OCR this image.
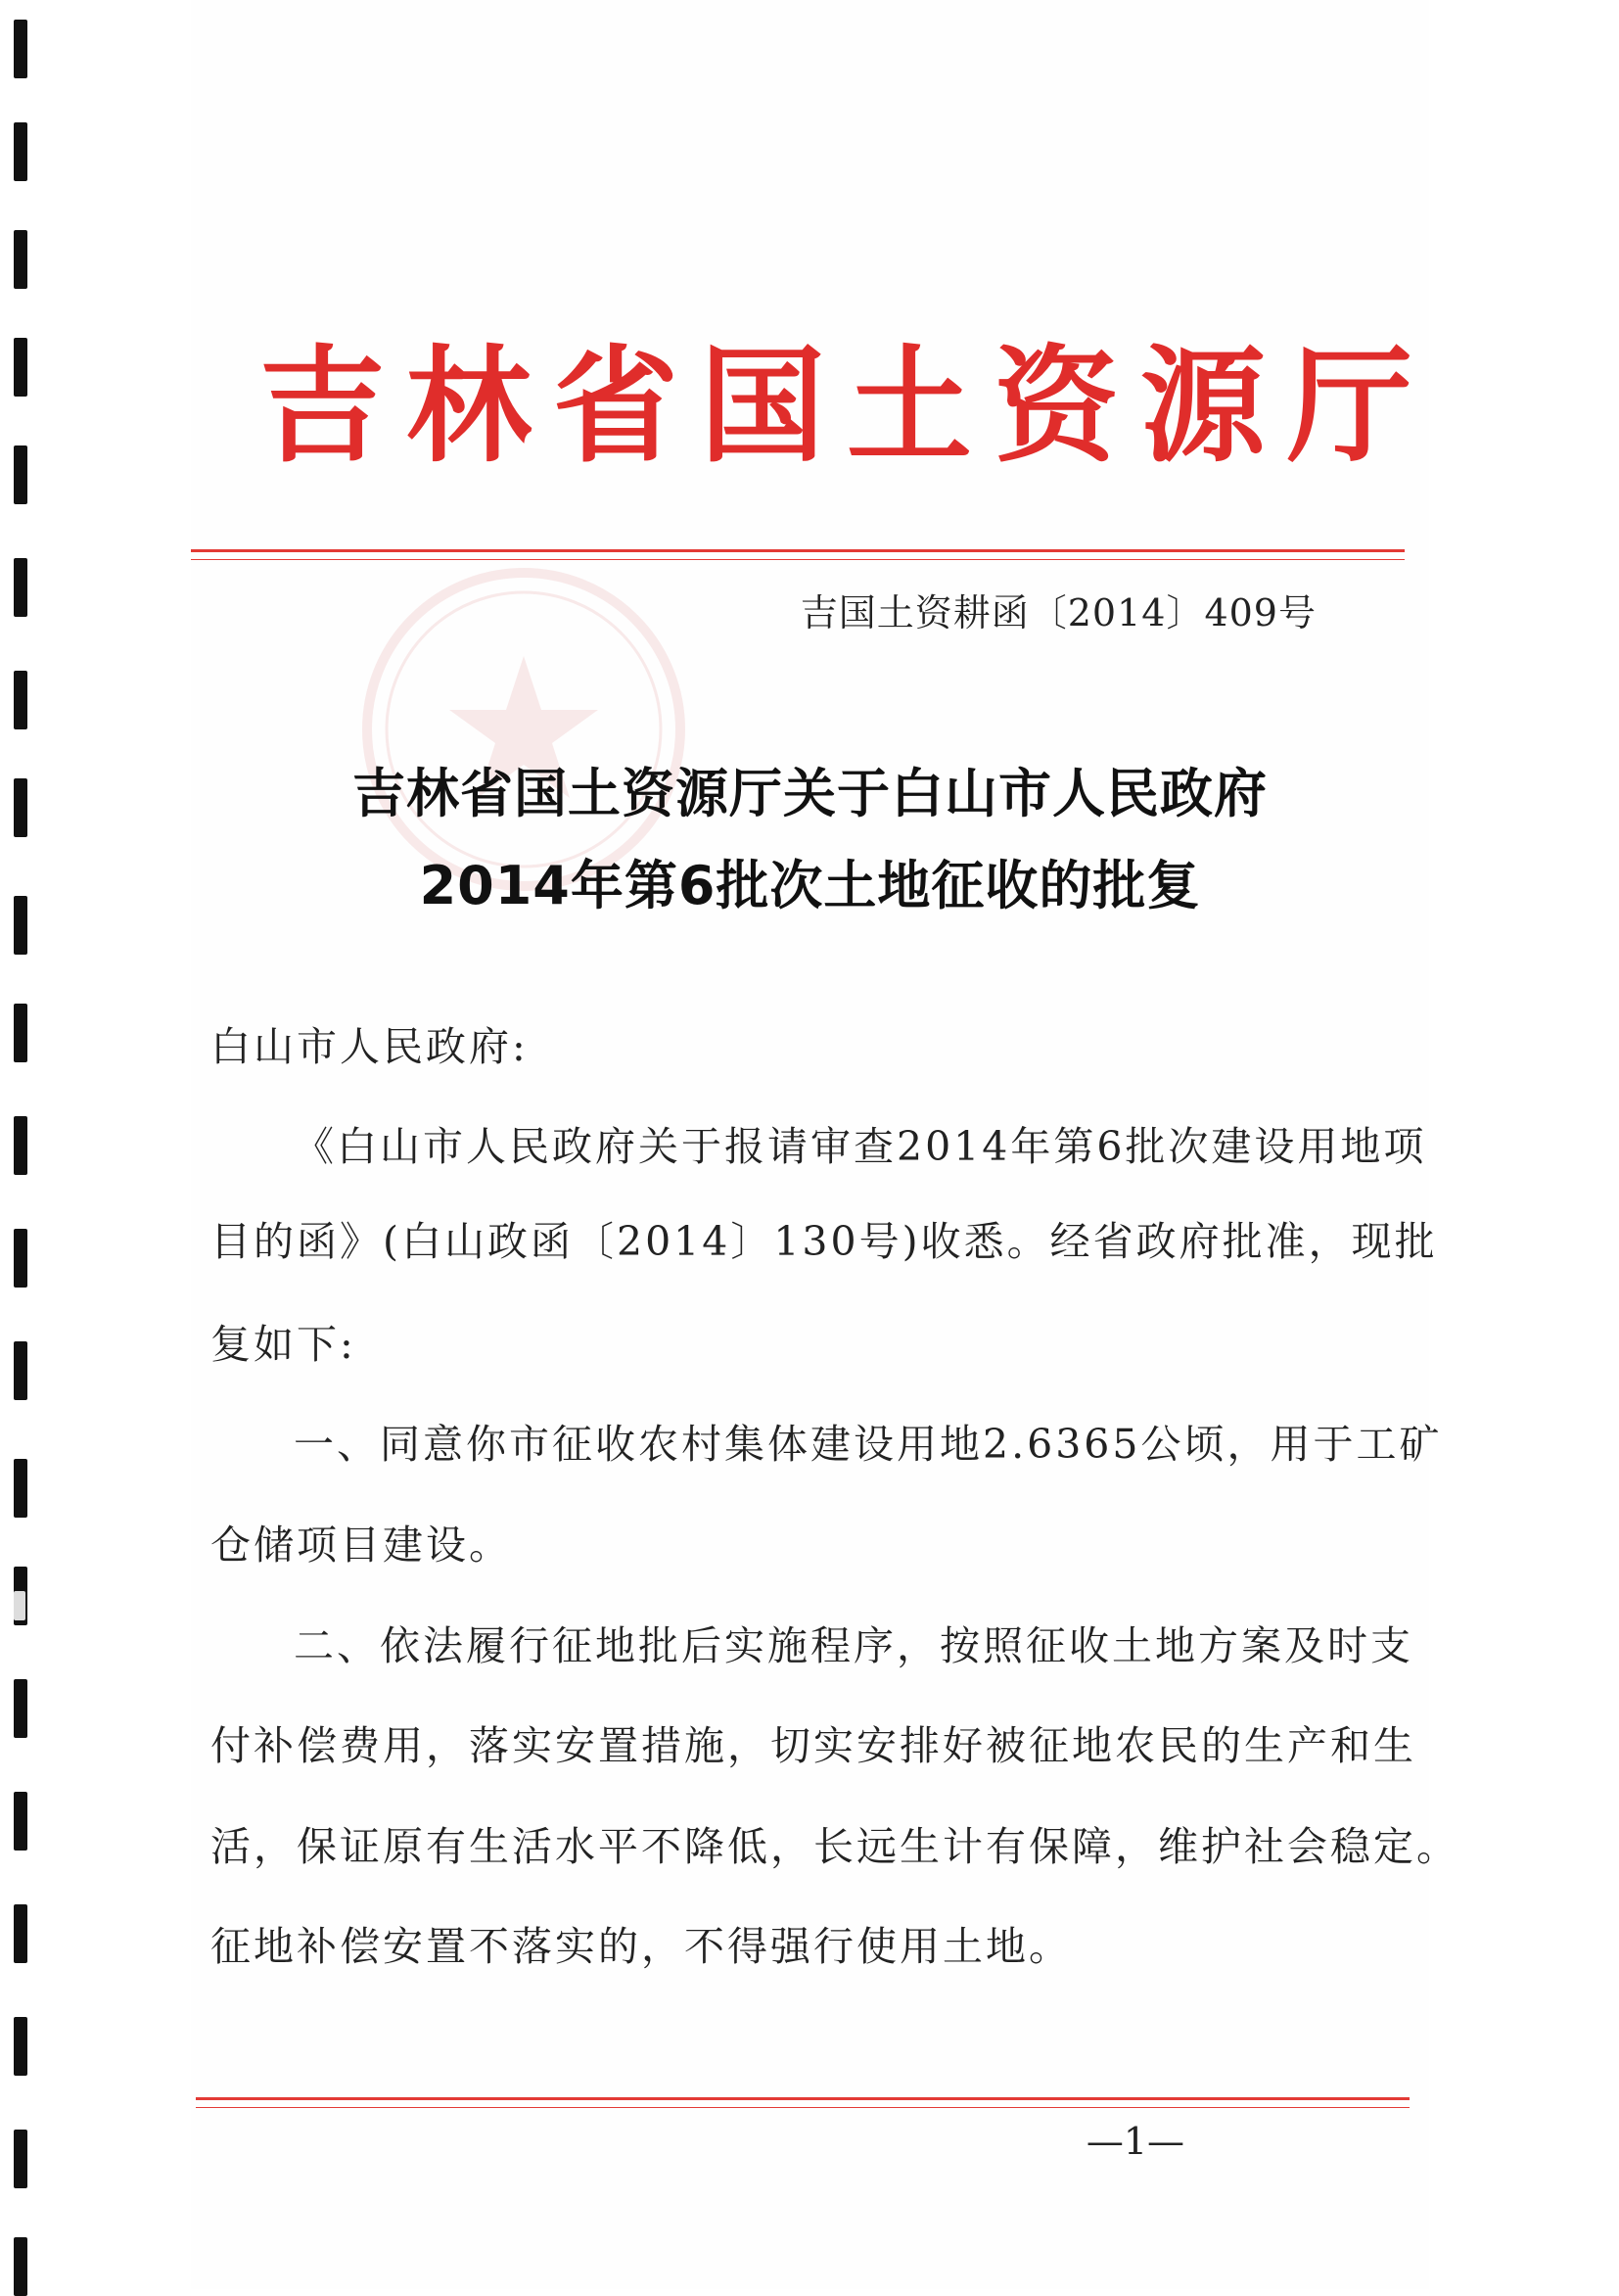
吉林省国土资源厅
吉国土资耕函〔2014〕409号
吉林省国土资源厅关于白山市人民政府
2014年第6批次土地征收的批复
白山市人民政府:
《白山市人民政府关于报请审查2014年第6批次建设用地项
目的函》(白山政函〔2014〕130号)收悉。经省政府批准，现批
复如下:
一、同意你市征收农村集体建设用地2.6365公顷，用于工矿
仓储项目建设。
二、依法履行征地批后实施程序，按照征收土地方案及时支
付补偿费用，落实安置措施，切实安排好被征地农民的生产和生
活，保证原有生活水平不降低，长远生计有保障，维护社会稳定。
征地补偿安置不落实的，不得强行使用土地。
—1—
